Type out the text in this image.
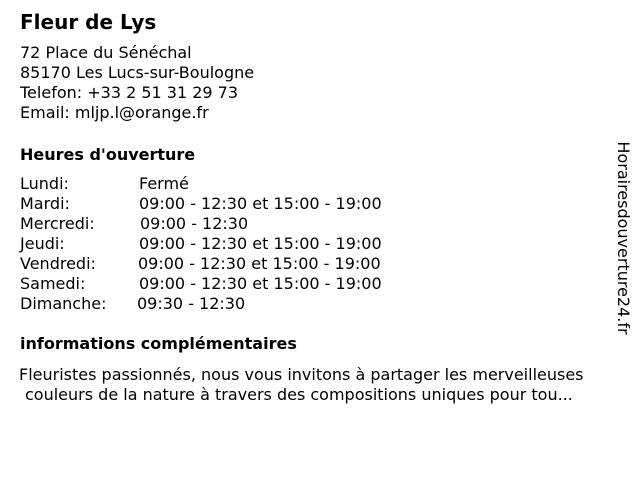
Fleur de Lys
72 Place du Sénéchal
85170 Les Lucs-sur-Boulogne
Telefon: +33 2 51 31 29 73
Email: mljp.l@orange.fr
Heures d'ouverture
Lundi:	Fermé
Mardi:	09:00 - 12:30 et 15:00 - 19:00
Mercredi:	09:00 - 12:30
Jeudi:	09:00 - 12:30 et 15:00 - 19:00
Vendredi:	09:00 - 12:30 et 15:00 - 19:00
Samedi:	09:00 - 12:30 et 15:00 - 19:00
Dimanche: 09:30 - 12:30
informations complémentaires
Fleuristes passionnés, nous vous invitons à partager les merveilleuses
couleurs de la nature à travers des compositions uniques pour tou...
Horairesdouverture24.fr
